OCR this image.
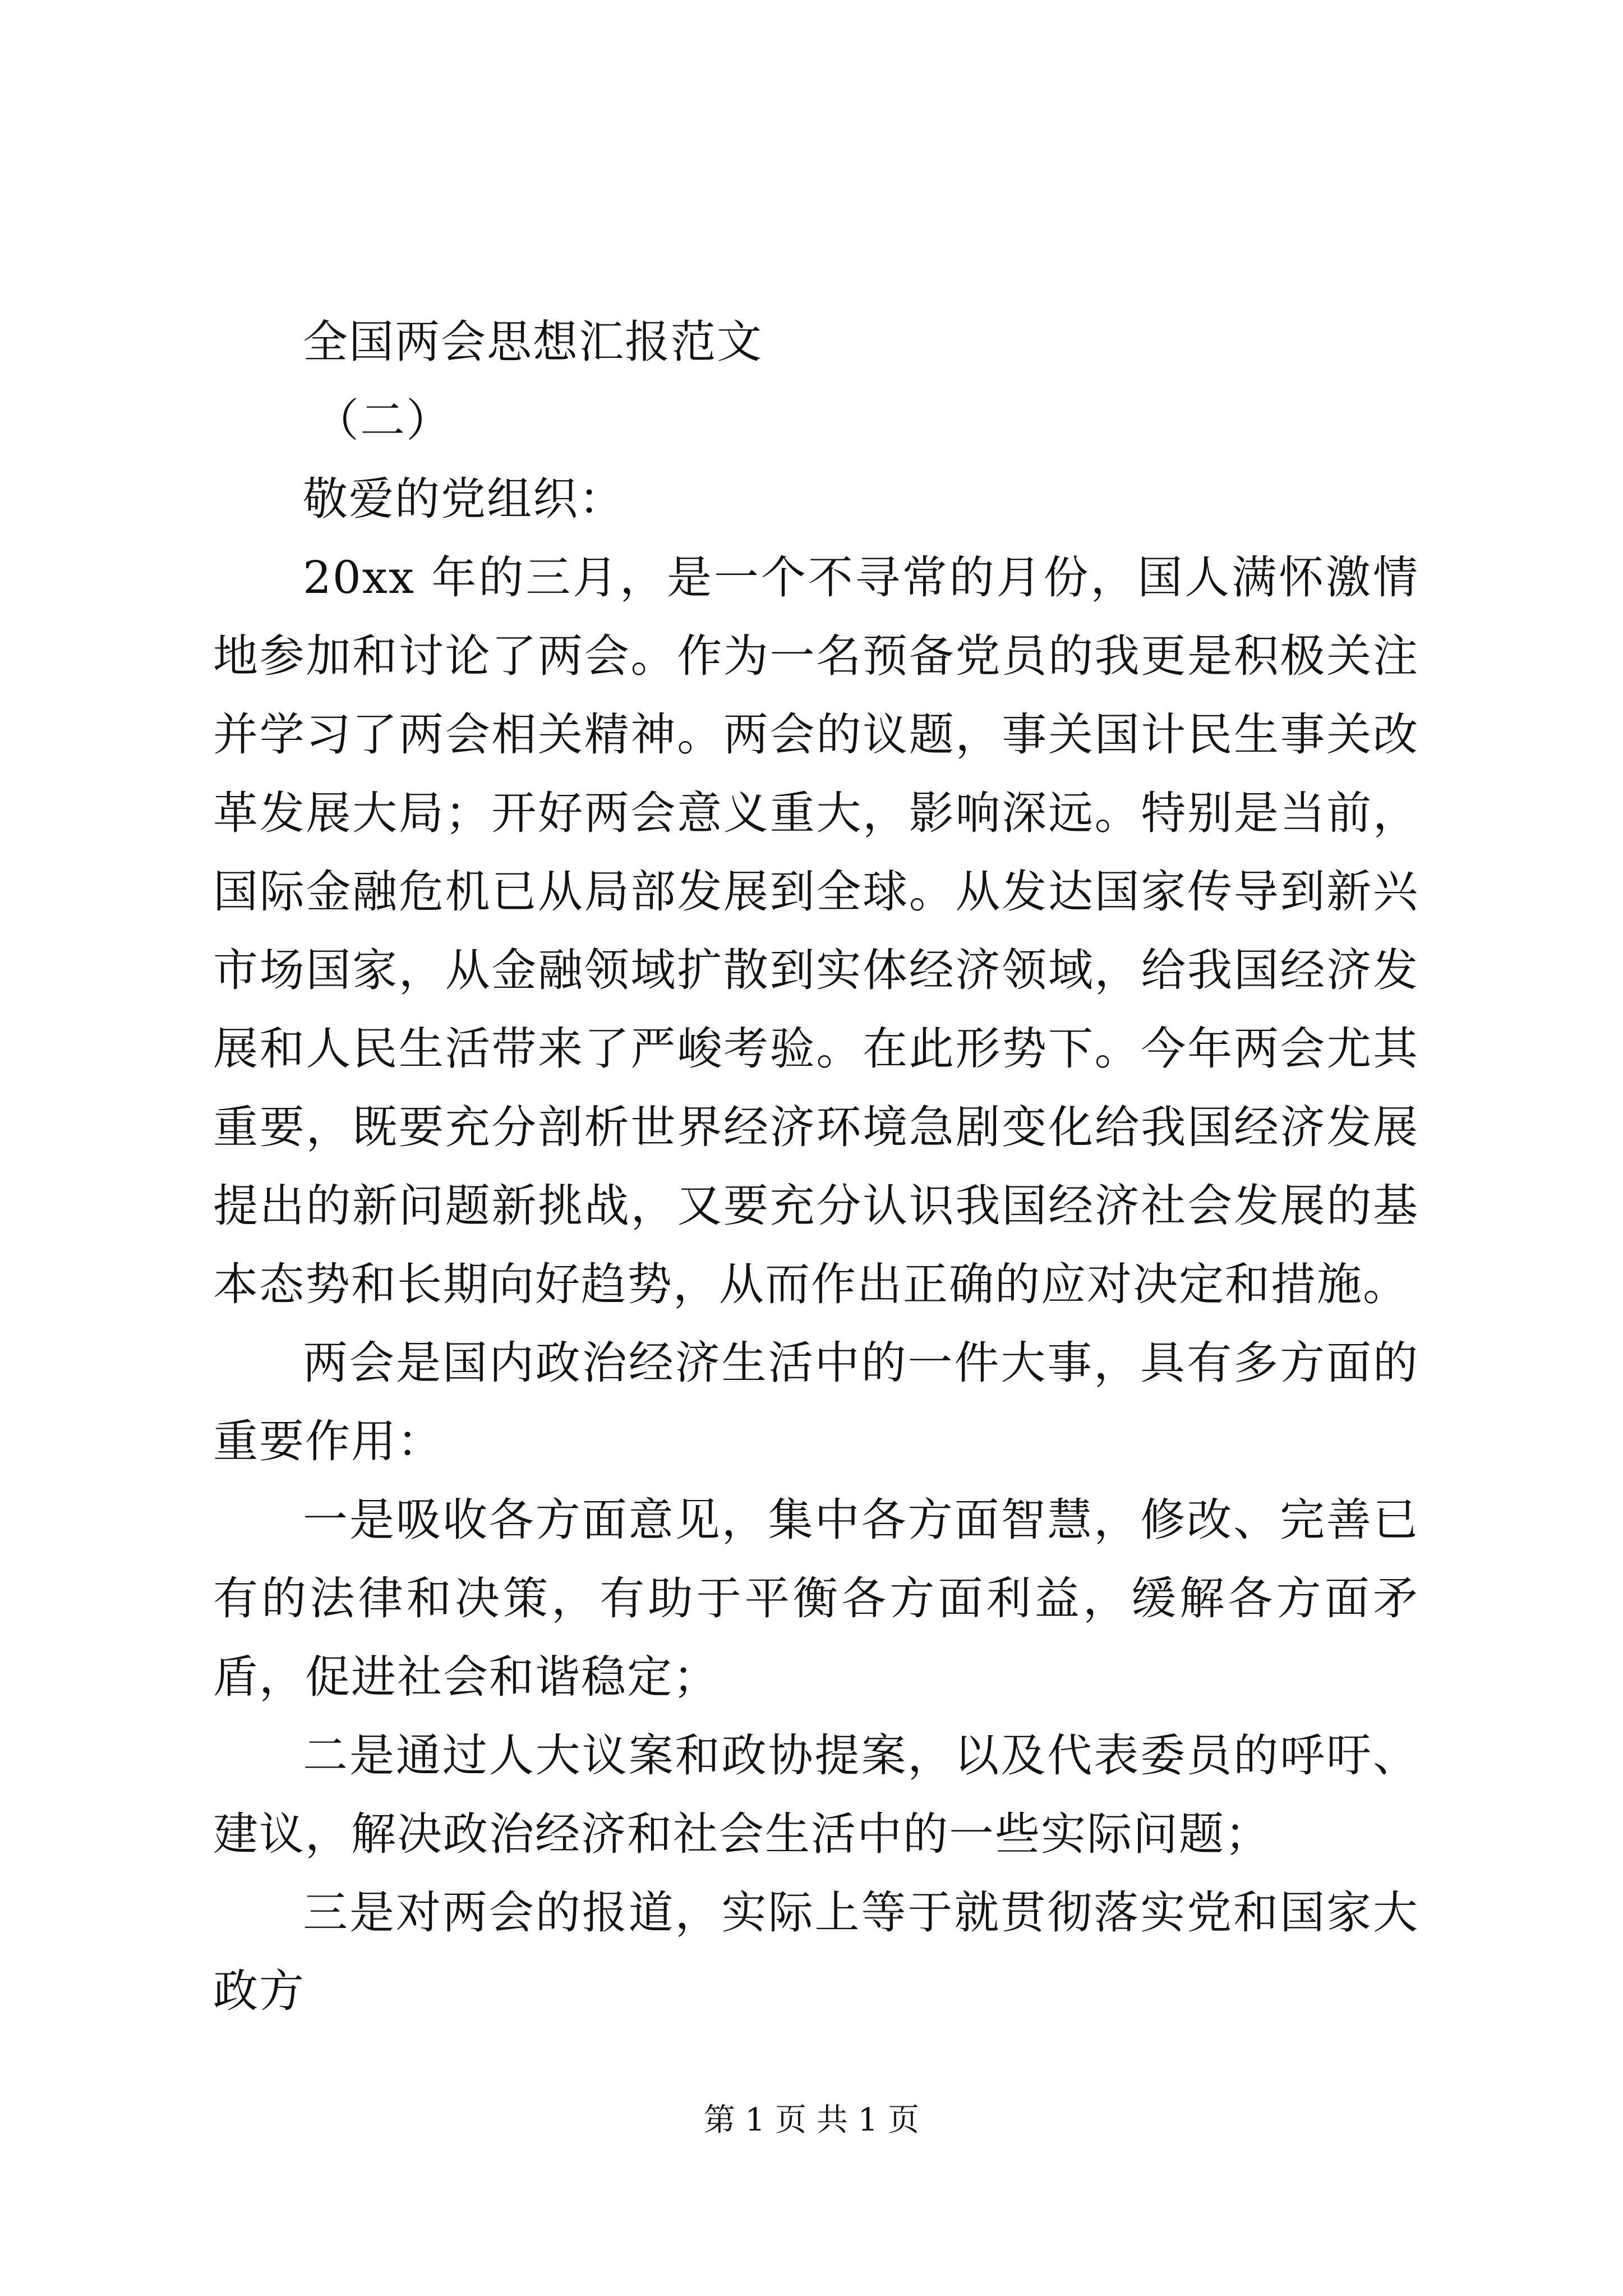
全国两会思想汇报范文
（二）
敬爱的党组织：

20xx 年的三月，是一个不寻常的月份，国人满怀激情地参加和讨论了两会。作为一名预备党员的我更是积极关注并学习了两会相关精神。两会的议题，事关国计民生事关改革发展大局；开好两会意义重大，影响深远。特别是当前，国际金融危机已从局部发展到全球。从发达国家传导到新兴市场国家，从金融领域扩散到实体经济领域，给我国经济发展和人民生活带来了严峻考验。在此形势下。今年两会尤其重要，既要充分剖析世界经济环境急剧变化给我国经济发展提出的新问题新挑战，又要充分认识我国经济社会发展的基本态势和长期向好趋势，从而作出正确的应对决定和措施。

两会是国内政治经济生活中的一件大事，具有多方面的重要作用：

一是吸收各方面意见，集中各方面智慧，修改、完善已有的法律和决策，有助于平衡各方面利益，缓解各方面矛盾，促进社会和谐稳定；

二是通过人大议案和政协提案，以及代表委员的呼吁、建议，解决政治经济和社会生活中的一些实际问题；

三是对两会的报道，实际上等于就贯彻落实党和国家大政方

第 1 页 共 1 页
